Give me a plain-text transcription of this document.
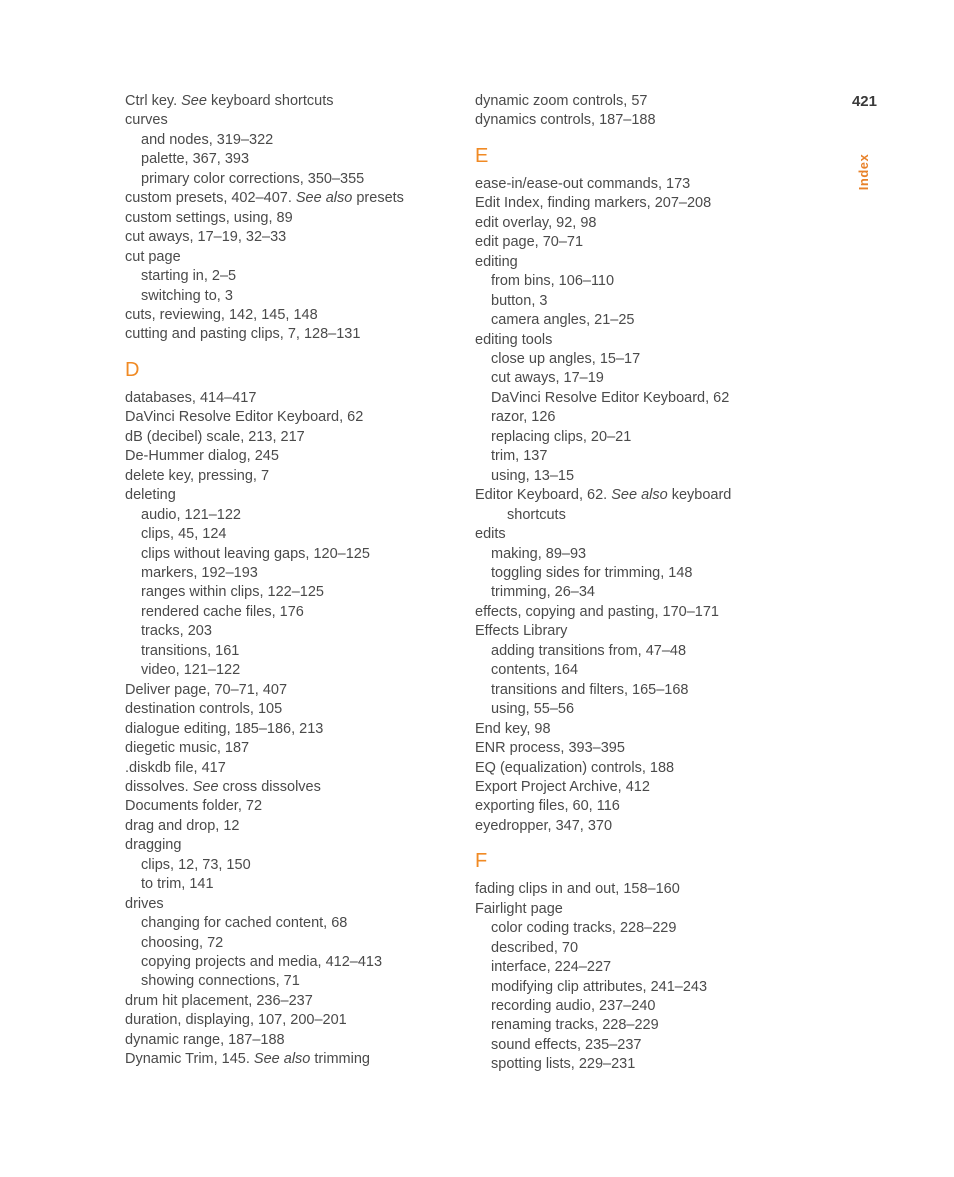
421
Index
Ctrl key. See keyboard shortcuts
curves
and nodes, 319–322
palette, 367, 393
primary color corrections, 350–355
custom presets, 402–407. See also presets
custom settings, using, 89
cut aways, 17–19, 32–33
cut page
starting in, 2–5
switching to, 3
cuts, reviewing, 142, 145, 148
cutting and pasting clips, 7, 128–131
D
databases, 414–417
DaVinci Resolve Editor Keyboard, 62
dB (decibel) scale, 213, 217
De-Hummer dialog, 245
delete key, pressing, 7
deleting
audio, 121–122
clips, 45, 124
clips without leaving gaps, 120–125
markers, 192–193
ranges within clips, 122–125
rendered cache files, 176
tracks, 203
transitions, 161
video, 121–122
Deliver page, 70–71, 407
destination controls, 105
dialogue editing, 185–186, 213
diegetic music, 187
.diskdb file, 417
dissolves. See cross dissolves
Documents folder, 72
drag and drop, 12
dragging
clips, 12, 73, 150
to trim, 141
drives
changing for cached content, 68
choosing, 72
copying projects and media, 412–413
showing connections, 71
drum hit placement, 236–237
duration, displaying, 107, 200–201
dynamic range, 187–188
Dynamic Trim, 145. See also trimming
dynamic zoom controls, 57
dynamics controls, 187–188
E
ease-in/ease-out commands, 173
Edit Index, finding markers, 207–208
edit overlay, 92, 98
edit page, 70–71
editing
from bins, 106–110
button, 3
camera angles, 21–25
editing tools
close up angles, 15–17
cut aways, 17–19
DaVinci Resolve Editor Keyboard, 62
razor, 126
replacing clips, 20–21
trim, 137
using, 13–15
Editor Keyboard, 62. See also keyboard
shortcuts
edits
making, 89–93
toggling sides for trimming, 148
trimming, 26–34
effects, copying and pasting, 170–171
Effects Library
adding transitions from, 47–48
contents, 164
transitions and filters, 165–168
using, 55–56
End key, 98
ENR process, 393–395
EQ (equalization) controls, 188
Export Project Archive, 412
exporting files, 60, 116
eyedropper, 347, 370
F
fading clips in and out, 158–160
Fairlight page
color coding tracks, 228–229
described, 70
interface, 224–227
modifying clip attributes, 241–243
recording audio, 237–240
renaming tracks, 228–229
sound effects, 235–237
spotting lists, 229–231
